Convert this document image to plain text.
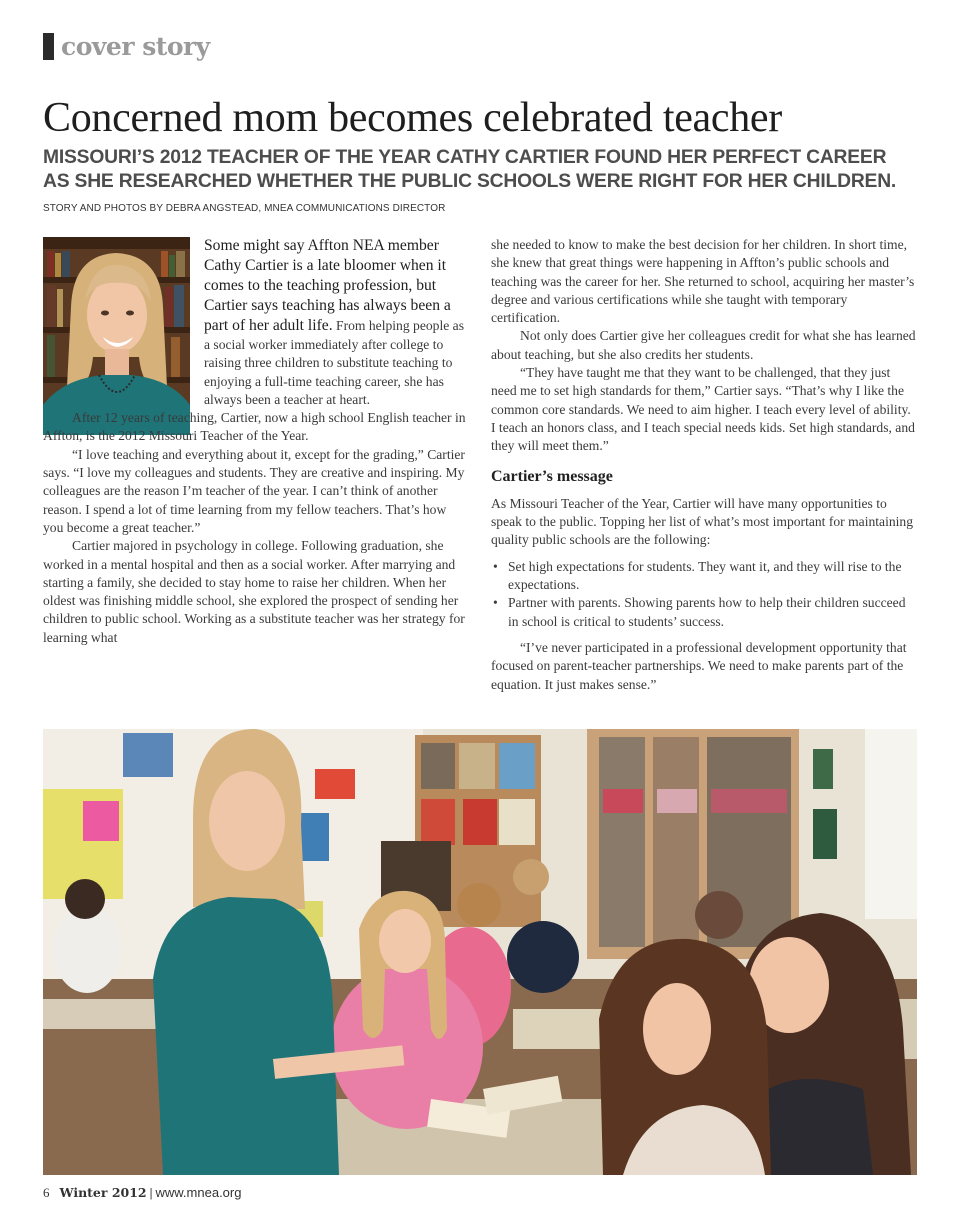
cover story
Concerned mom becomes celebrated teacher
MISSOURI’S 2012 TEACHER OF THE YEAR CATHY CARTIER FOUND HER PERFECT CAREER
AS SHE RESEARCHED WHETHER THE PUBLIC SCHOOLS WERE RIGHT FOR HER CHILDREN.
STORY AND PHOTOS BY DEBRA ANGSTEAD, MNEA COMMUNICATIONS DIRECTOR

Some might say Affton NEA member Cathy Cartier is a late bloomer when it comes to the teaching profession, but Cartier says teaching has always been a part of her adult life. From helping people as a social worker immediately after college to raising three children to substitute teaching to enjoying a full-time teaching career, she has always been a teacher at heart.

After 12 years of teaching, Cartier, now a high school English teacher in Affton, is the 2012 Missouri Teacher of the Year.

“I love teaching and everything about it, except for the grading,” Cartier says. “I love my colleagues and students. They are creative and inspiring. My colleagues are the reason I’m teacher of the year. I can’t think of another reason. I spend a lot of time learning from my fellow teachers. That’s how you become a great teacher.”

Cartier majored in psychology in college. Following graduation, she worked in a mental hospital and then as a social worker. After marrying and starting a family, she decided to stay home to raise her children. When her oldest was finishing middle school, she explored the prospect of sending her children to public school. Working as a substitute teacher was her strategy for learning what

she needed to know to make the best decision for her children. In short time, she knew that great things were happening in Affton’s public schools and teaching was the career for her. She returned to school, acquiring her master’s degree and various certifications while she taught with temporary certification.

Not only does Cartier give her colleagues credit for what she has learned about teaching, but she also credits her students.

“They have taught me that they want to be challenged, that they just need me to set high standards for them,” Cartier says. “That’s why I like the common core standards. We need to aim higher. I teach every level of ability. I teach an honors class, and I teach special needs kids. Set high standards, and they will meet them.”

Cartier’s message

As Missouri Teacher of the Year, Cartier will have many opportunities to speak to the public. Topping her list of what’s most important for maintaining quality public schools are the following:

• Set high expectations for students. They want it, and they will rise to the expectations.
• Partner with parents. Showing parents how to help their children succeed in school is critical to students’ success.

“I’ve never participated in a professional development opportunity that focused on parent-teacher partnerships. We need to make parents part of the equation. It just makes sense.”

6 Winter 2012 | www.mnea.org
